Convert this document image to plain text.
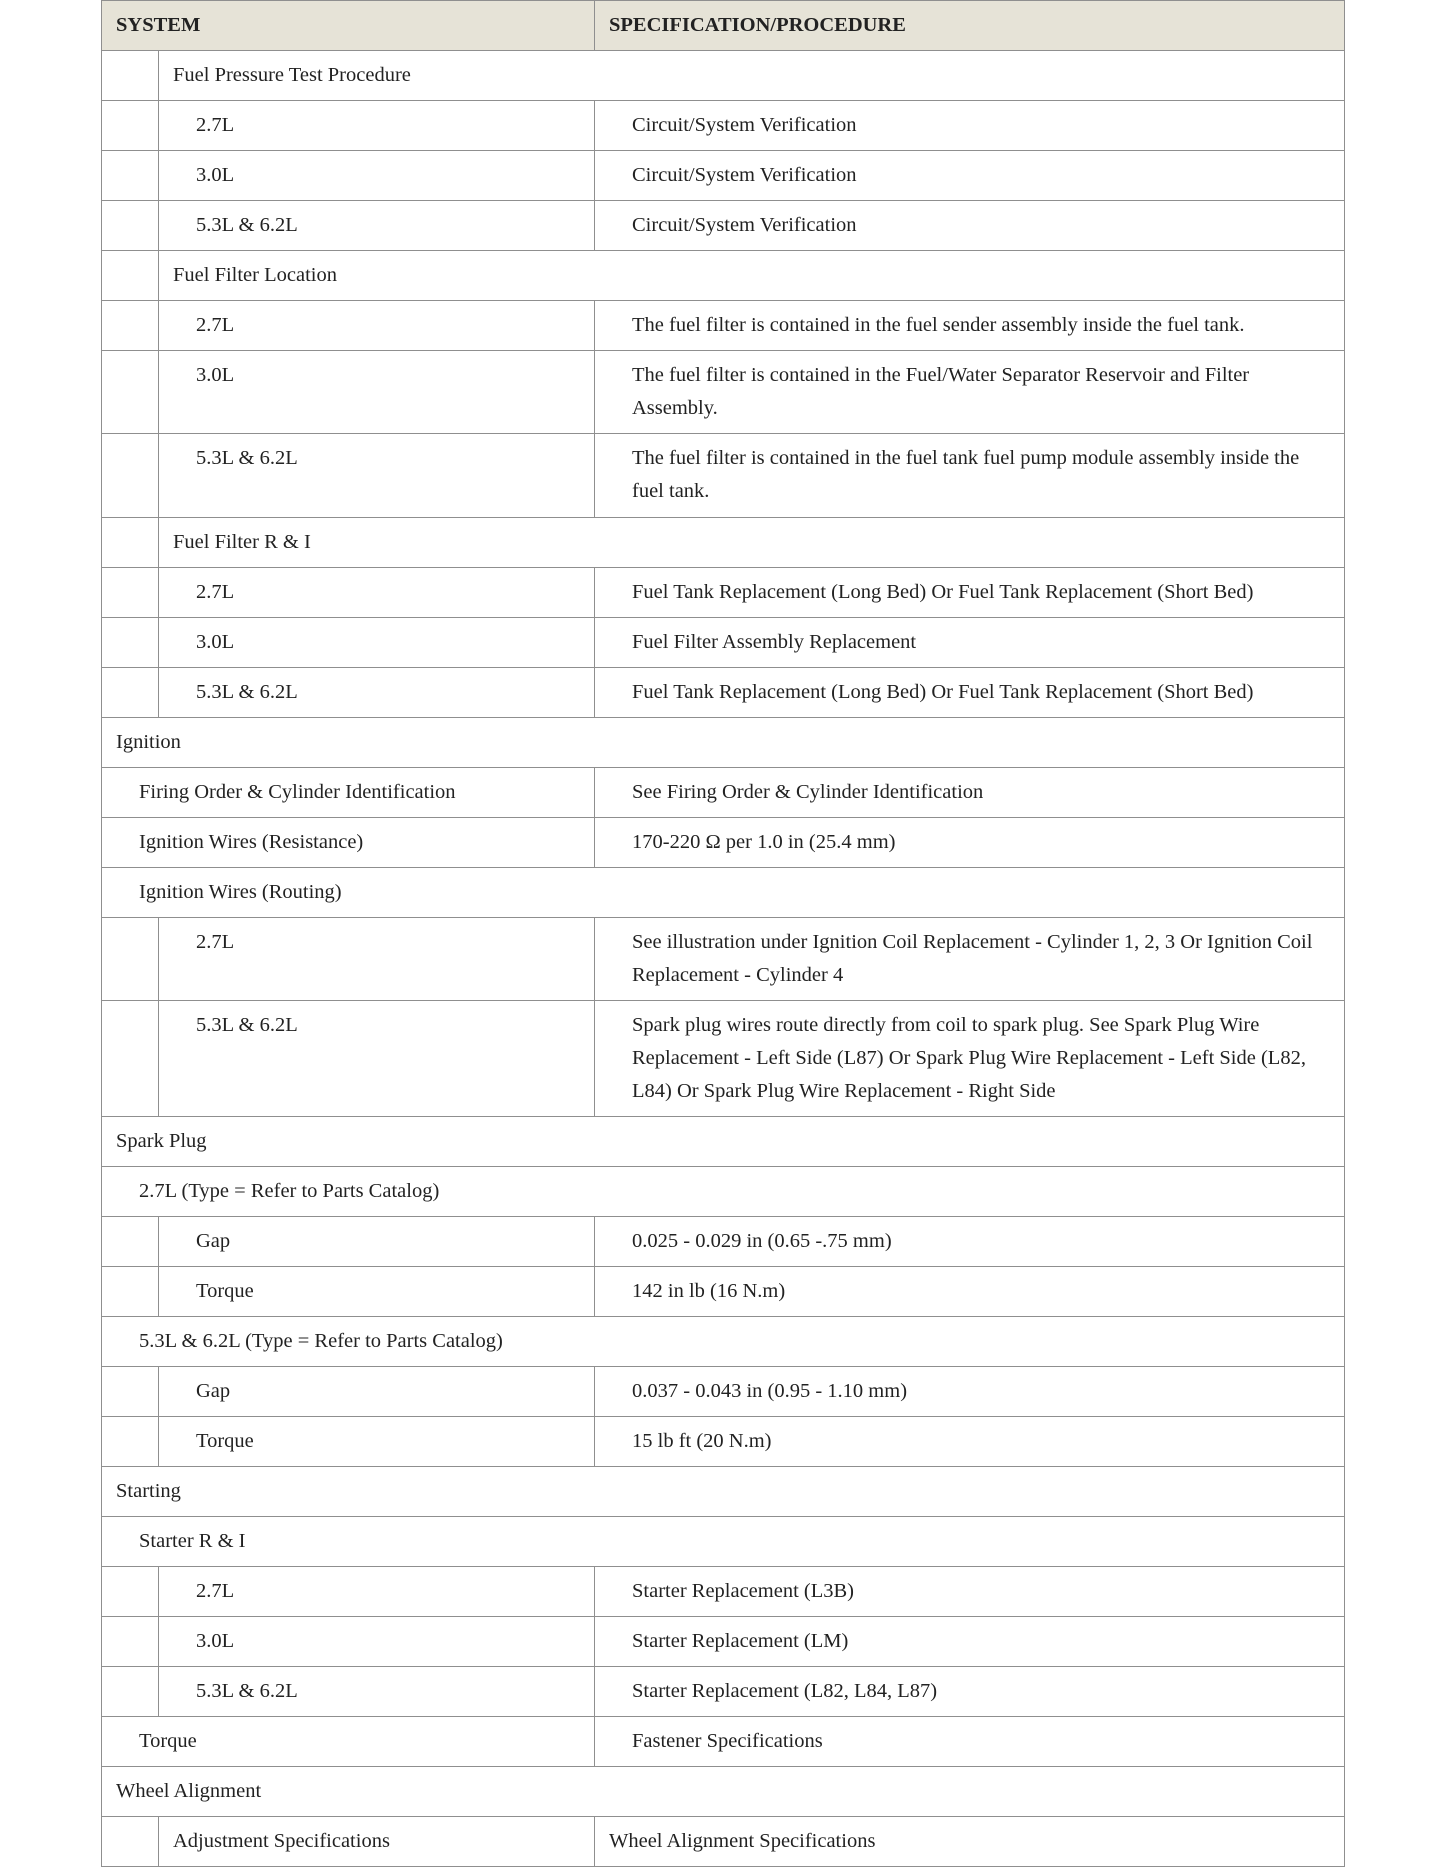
SYSTEM		SPECIFICATION/PROCEDURE
	Fuel Pressure Test Procedure	
	2.7L	Circuit/System Verification
	3.0L	Circuit/System Verification
	5.3L & 6.2L	Circuit/System Verification
	Fuel Filter Location	
	2.7L	The fuel filter is contained in the fuel sender assembly inside the fuel tank.
	3.0L	The fuel filter is contained in the Fuel/Water Separator Reservoir and Filter Assembly.
	5.3L & 6.2L	The fuel filter is contained in the fuel tank fuel pump module assembly inside the fuel tank.
	Fuel Filter R & I	
	2.7L	Fuel Tank Replacement (Long Bed) Or Fuel Tank Replacement (Short Bed)
	3.0L	Fuel Filter Assembly Replacement
	5.3L & 6.2L	Fuel Tank Replacement (Long Bed) Or Fuel Tank Replacement (Short Bed)
Ignition		
Firing Order & Cylinder Identification		See Firing Order & Cylinder Identification
Ignition Wires (Resistance)		170-220 Ω per 1.0 in (25.4 mm)
Ignition Wires (Routing)		
	2.7L	See illustration under Ignition Coil Replacement - Cylinder 1, 2, 3 Or Ignition Coil Replacement - Cylinder 4
	5.3L & 6.2L	Spark plug wires route directly from coil to spark plug. See Spark Plug Wire Replacement - Left Side (L87) Or Spark Plug Wire Replacement - Left Side (L82, L84) Or Spark Plug Wire Replacement - Right Side
Spark Plug		
2.7L (Type = Refer to Parts Catalog)		
	Gap	0.025 - 0.029 in (0.65 -.75 mm)
	Torque	142 in lb (16 N.m)
5.3L & 6.2L (Type = Refer to Parts Catalog)		
	Gap	0.037 - 0.043 in (0.95 - 1.10 mm)
	Torque	15 lb ft (20 N.m)
Starting		
Starter R & I		
	2.7L	Starter Replacement (L3B)
	3.0L	Starter Replacement (LM)
	5.3L & 6.2L	Starter Replacement (L82, L84, L87)
Torque		Fastener Specifications
Wheel Alignment		
	Adjustment Specifications	Wheel Alignment Specifications
